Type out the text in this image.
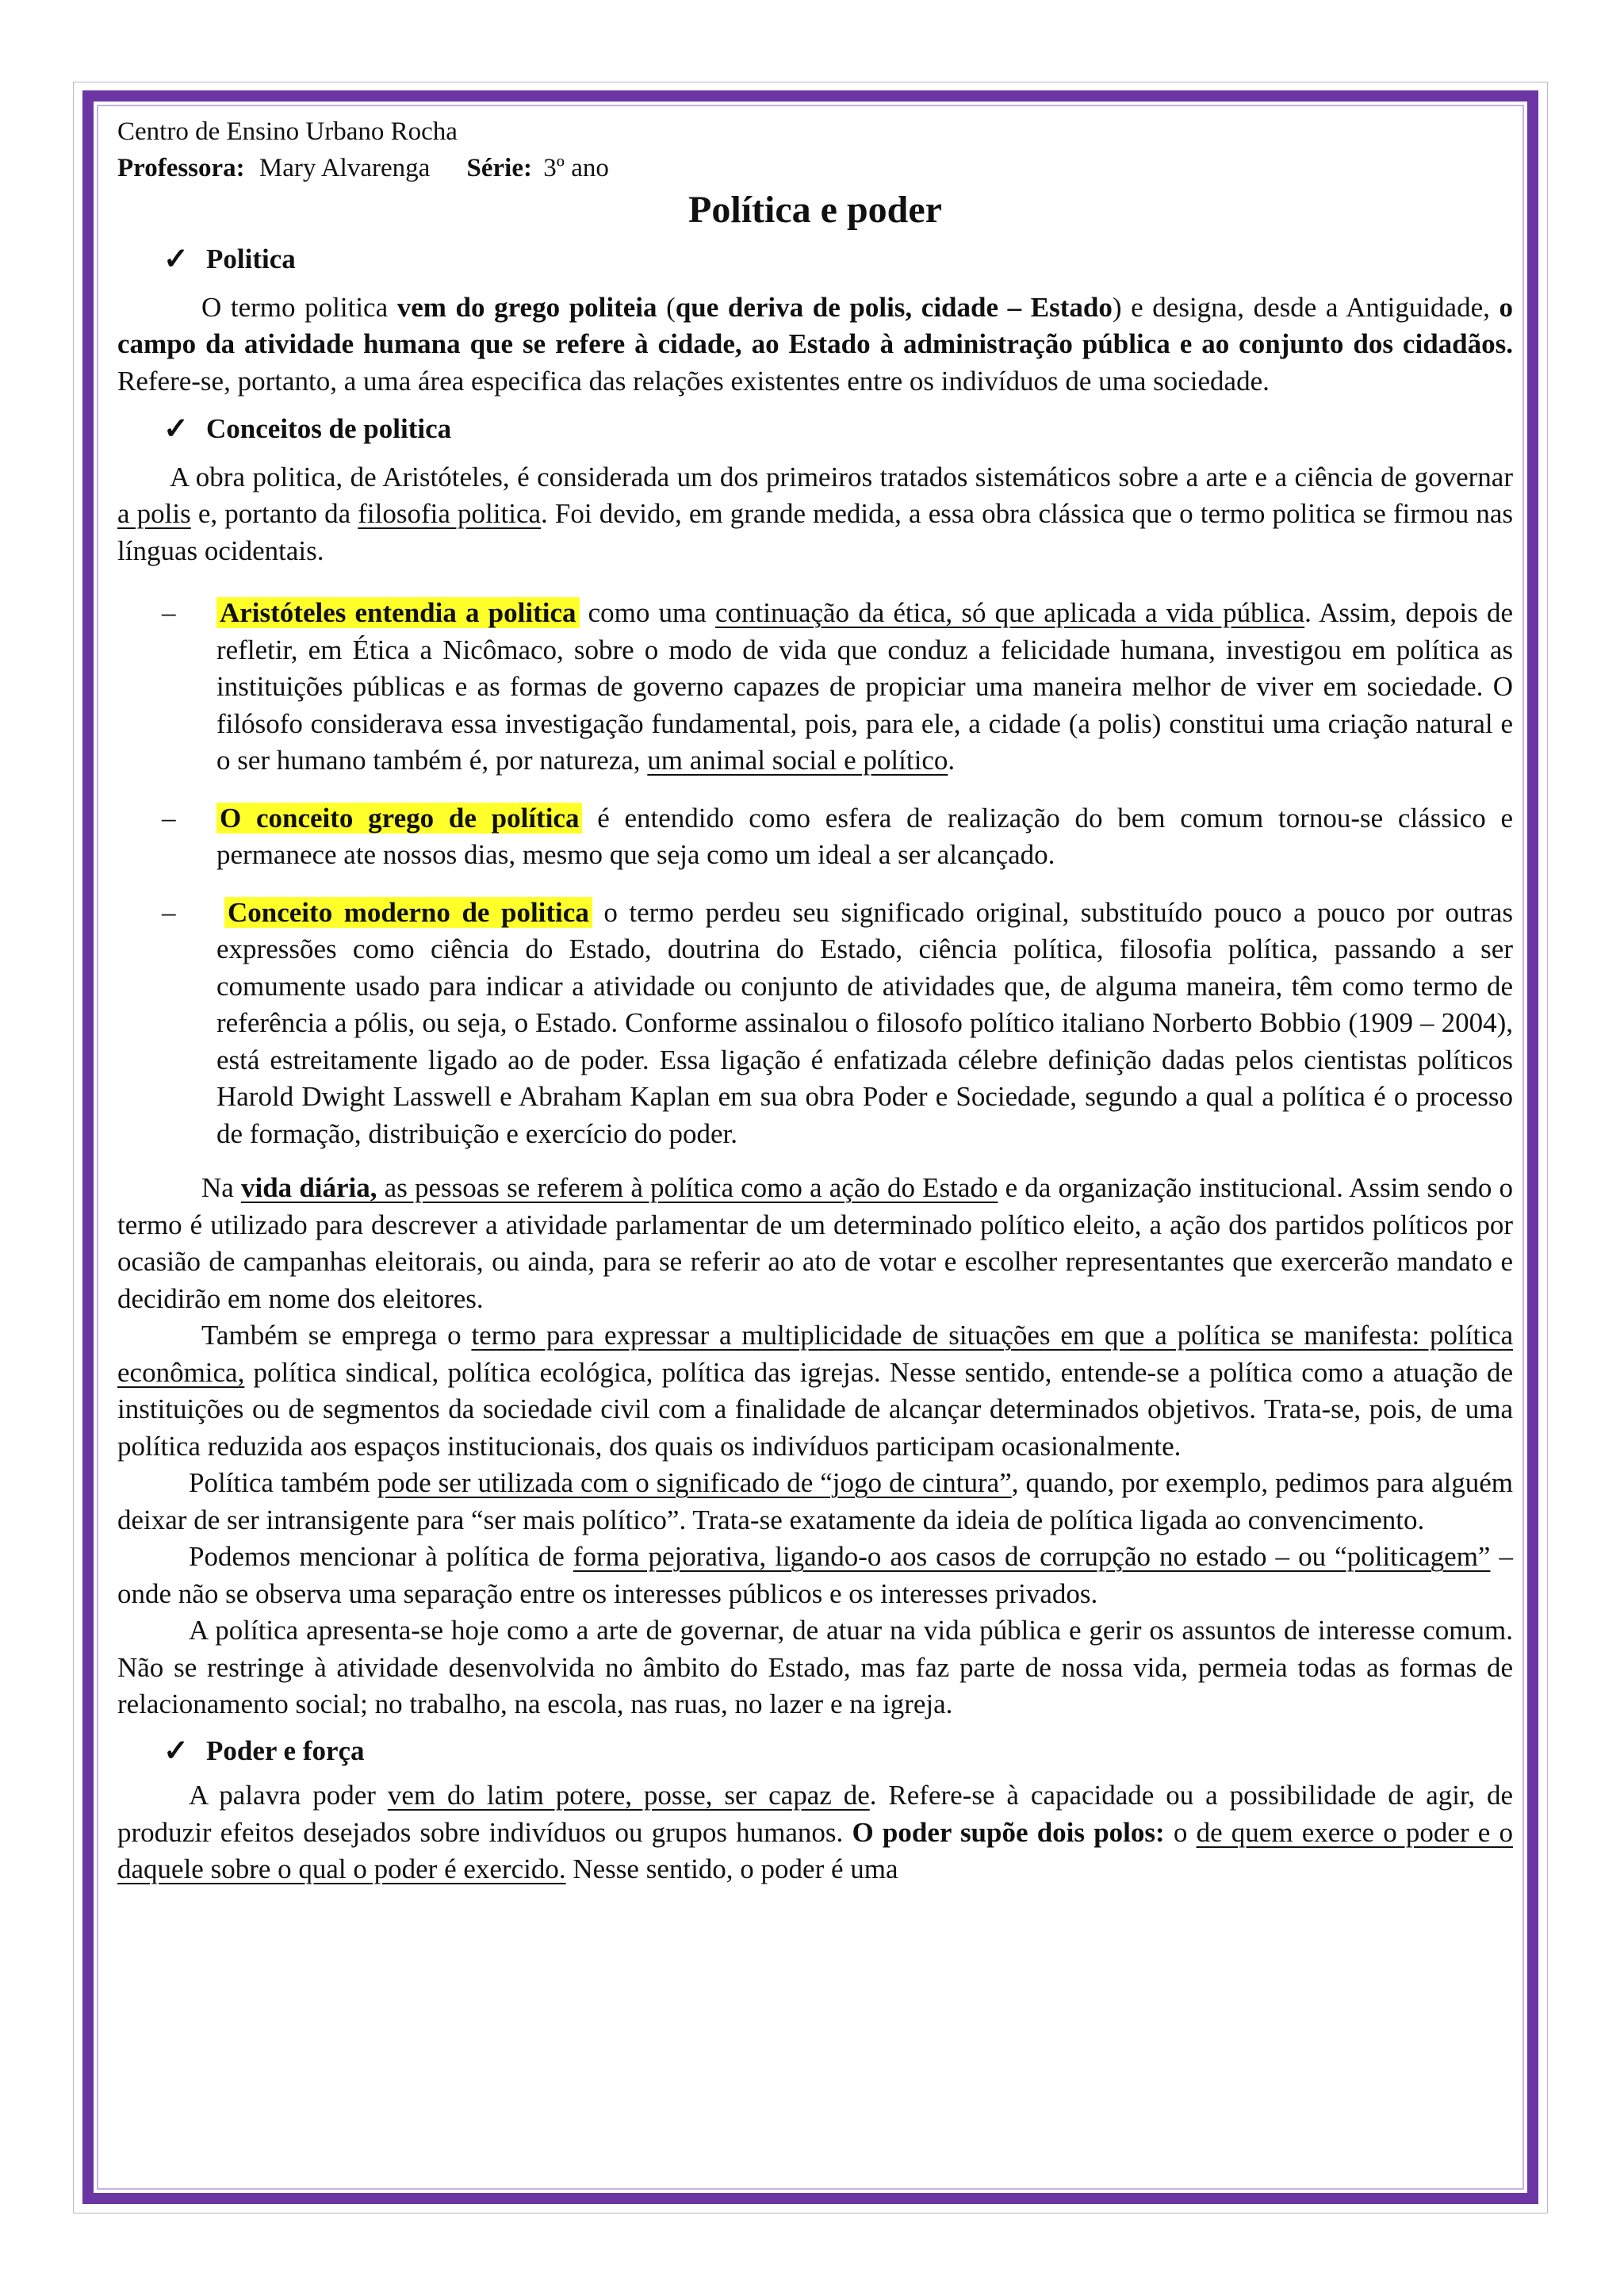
Centro de Ensino Urbano Rocha
Professora: Mary Alvarenga Série: 3º ano
Política e poder
✓ Politica
O termo politica vem do grego politeia (que deriva de polis, cidade – Estado) e designa, desde a Antiguidade, o campo da atividade humana que se refere à cidade, ao Estado à administração pública e ao conjunto dos cidadãos. Refere-se, portanto, a uma área especifica das relações existentes entre os indivíduos de uma sociedade.
✓ Conceitos de politica
A obra politica, de Aristóteles, é considerada um dos primeiros tratados sistemáticos sobre a arte e a ciência de governar a polis e, portanto da filosofia politica. Foi devido, em grande medida, a essa obra clássica que o termo politica se firmou nas línguas ocidentais.
– Aristóteles entendia a politica como uma continuação da ética, só que aplicada a vida pública. Assim, depois de refletir, em Ética a Nicômaco, sobre o modo de vida que conduz a felicidade humana, investigou em política as instituições públicas e as formas de governo capazes de propiciar uma maneira melhor de viver em sociedade. O filósofo considerava essa investigação fundamental, pois, para ele, a cidade (a polis) constitui uma criação natural e o ser humano também é, por natureza, um animal social e político.
– O conceito grego de política é entendido como esfera de realização do bem comum tornou-se clássico e permanece ate nossos dias, mesmo que seja como um ideal a ser alcançado.
– Conceito moderno de politica o termo perdeu seu significado original, substituído pouco a pouco por outras expressões como ciência do Estado, doutrina do Estado, ciência política, filosofia política, passando a ser comumente usado para indicar a atividade ou conjunto de atividades que, de alguma maneira, têm como termo de referência a pólis, ou seja, o Estado. Conforme assinalou o filosofo político italiano Norberto Bobbio (1909 – 2004), está estreitamente ligado ao de poder. Essa ligação é enfatizada célebre definição dadas pelos cientistas políticos Harold Dwight Lasswell e Abraham Kaplan em sua obra Poder e Sociedade, segundo a qual a política é o processo de formação, distribuição e exercício do poder.
Na vida diária, as pessoas se referem à política como a ação do Estado e da organização institucional. Assim sendo o termo é utilizado para descrever a atividade parlamentar de um determinado político eleito, a ação dos partidos políticos por ocasião de campanhas eleitorais, ou ainda, para se referir ao ato de votar e escolher representantes que exercerão mandato e decidirão em nome dos eleitores.
Também se emprega o termo para expressar a multiplicidade de situações em que a política se manifesta: política econômica, política sindical, política ecológica, política das igrejas. Nesse sentido, entende-se a política como a atuação de instituições ou de segmentos da sociedade civil com a finalidade de alcançar determinados objetivos. Trata-se, pois, de uma política reduzida aos espaços institucionais, dos quais os indivíduos participam ocasionalmente.
Política também pode ser utilizada com o significado de “jogo de cintura”, quando, por exemplo, pedimos para alguém deixar de ser intransigente para “ser mais político”. Trata-se exatamente da ideia de política ligada ao convencimento.
Podemos mencionar à política de forma pejorativa, ligando-o aos casos de corrupção no estado – ou “politicagem” – onde não se observa uma separação entre os interesses públicos e os interesses privados.
A política apresenta-se hoje como a arte de governar, de atuar na vida pública e gerir os assuntos de interesse comum. Não se restringe à atividade desenvolvida no âmbito do Estado, mas faz parte de nossa vida, permeia todas as formas de relacionamento social; no trabalho, na escola, nas ruas, no lazer e na igreja.
✓ Poder e força
A palavra poder vem do latim potere, posse, ser capaz de. Refere-se à capacidade ou a possibilidade de agir, de produzir efeitos desejados sobre indivíduos ou grupos humanos. O poder supõe dois polos: o de quem exerce o poder e o daquele sobre o qual o poder é exercido. Nesse sentido, o poder é uma
